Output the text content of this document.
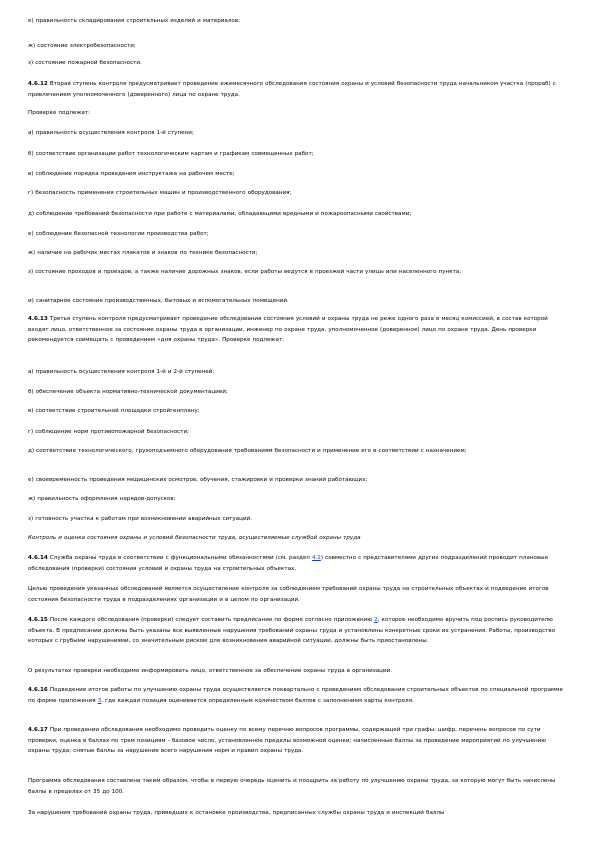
е) правильность складирования строительных изделий и материалов;

ж) состояние электробезопасности;

з) состояние пожарной безопасности.

4.6.12 Вторая ступень контроля предусматривает проведение ежемесячного обследования состояния охраны и условий безопасности труда начальником участка (прораб) с привлечением уполномоченного (доверенного) лица по охране труда.

Проверке подлежат:

а) правильность осуществления контроля 1-й ступени;

б) соответствие организации работ технологическим картам и графикам совмещенных работ;

в) соблюдение порядка проведения инструктажа на рабочем месте;

г) безопасность применения строительных машин и производственного оборудования;

д) соблюдение требований безопасности при работе с материалами, обладающими вредными и пожароопасными свойствами;

е) соблюдение безопасной технологии производства работ;

ж) наличие на рабочих местах плакатов и знаков по технике безопасности;

з) состояние проходов и проездов, а также наличие дорожных знаков, если работы ведутся в проезжей части улицы или населенного пункта;

и) санитарное состояние производственных, бытовых и вспомогательных помещений.

4.6.13 Третья ступень контроля предусматривает проведение обследования состояния условий и охраны труда не реже одного раза в месяц комиссией, в состав которой входят лицо, ответственное за состояние охраны труда в организации, инженер по охране труда, уполномоченное (доверенное) лицо по охране труда. День проверки рекомендуется совмещать с проведением «дня охраны труда». Проверке подлежат:

а) правильность осуществления контроля 1-й и 2-й ступеней;

б) обеспечение объекта нормативно-технической документацией;

в) соответствие строительной площадки стройгенплану;

г) соблюдение норм противопожарной безопасности;

д) соответствие технологического, грузоподъемного оборудования требованиям безопасности и применение его в соответствии с назначением;

е) своевременность проведения медицинских осмотров, обучения, стажировки и проверки знаний работающих;

ж) правильность оформления нарядов-допусков;

з) готовность участка к работам при возникновении аварийных ситуаций.

Контроль и оценка состояния охраны и условий безопасности труда, осуществляемые службой охраны труда

4.6.14 Служба охраны труда в соответствии с функциональными обязанностями (см. раздел 4.2) совместно с представителями других подразделений проводит плановые обследования (проверки) состояния условий и охраны труда на строительных объектах.

Целью проведения указанных обследований является осуществление контроля за соблюдением требований охраны труда на строительных объектах и подведение итогов состояния безопасности труда в подразделениях организации и в целом по организации.

4.6.15 После каждого обследования (проверки) следует составить предписание по форме согласно приложению 2, которое необходимо вручить под роспись руководителю объекта. В предписании должны быть указаны все выявленные нарушения требований охраны труда и установлены конкретные сроки их устранения. Работы, производство которых с грубыми нарушениями, со значительным риском для возникновения аварийной ситуации, должны быть приостановлены.

О результатах проверки необходимо информировать лицо, ответственное за обеспечение охраны труда в организации.

4.6.16 Подведение итогов работы по улучшению охраны труда осуществляется поквартально с проведением обследования строительных объектов по специальной программе по форме приложения 3, где каждая позиция оценивается определенным количеством баллов с заполнением карты контроля.

4.6.17 При проведении обследования необходимо проводить оценку по всему перечню вопросов программы, содержащей три графы: шифр, перечень вопросов по сути проверки, оценка в баллах по трем позициям - базовое число, установленное пределы возможной оценки; начисленные баллы за проведение мероприятий по улучшению охраны труда; снятые баллы за нарушение всего нарушения норм и правил охраны труда.

Программа обследования составлена таким образом, чтобы в первую очередь оценить и поощрить за работу по улучшению охраны труда, за которую могут быть начислены баллы в пределах от 35 до 100.

За нарушения требований охраны труда, приведших к остановке производства, предписанных службы охраны труда и инспекций баллы
